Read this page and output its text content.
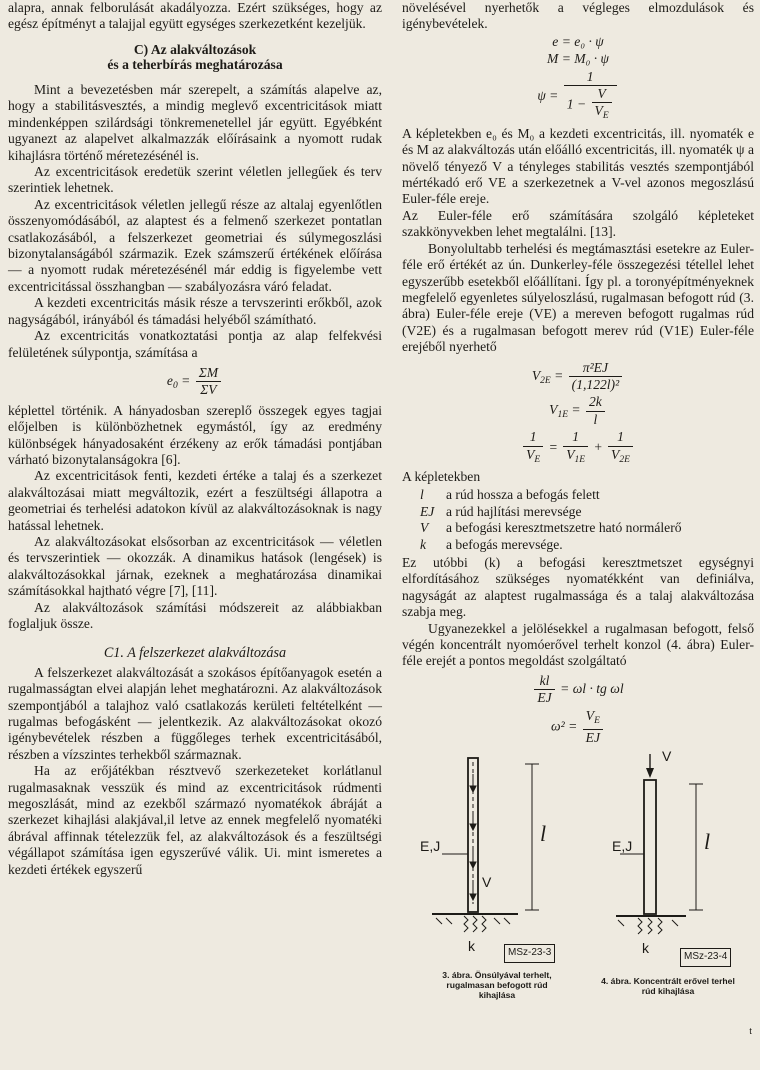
alapra, annak felborulását akadályozza. Ezért szükséges, hogy az egész építményt a talajjal együtt egységes szerkezetként kezeljük.

C) Az alakváltozások
és a teherbírás meghatározása

Mint a bevezetésben már szerepelt, a számítás alapelve az, hogy a stabilitásvesztés, a mindig meglevő excentricitások miatt mindenképpen szilárdsági tönkremenetellel jár együtt. Egyébként ugyanezt az alapelvet alkalmazzák előírásaink a nyomott rudak kihajlásra történő méretezésénél is.

Az excentricitások eredetük szerint véletlen jellegűek és terv szerintiek lehetnek.

Az excentricitások véletlen jellegű része az altalaj egyenlőtlen összenyomódásából, az alaptest és a felmenő szerkezet pontatlan csatlakozásából, a felszerkezet geometriai és súlymegoszlási bizonytalanságából származik. Ezek számszerű értékének előírása — a nyomott rudak méretezésénél már eddig is figyelembe vett excentricitással összhangban — szabályozásra váró feladat.

A kezdeti excentricitás másik része a tervszerinti erőkből, azok nagyságából, irányából és támadási helyéből számítható.

Az excentricitás vonatkoztatási pontja az alap felfekvési felületének súlypontja, számítása a

$e_0 = \frac{\Sigma M}{\Sigma V}$

képlettel történik. A hányadosban szereplő összegek egyes tagjai előjelben is különbözhetnek egymástól, így az eredmény különbségek hányadosaként érzékeny az erők támadási pontjában várható bizonytalanságokra [6].

Az excentricitások fenti, kezdeti értéke a talaj és a szerkezet alakváltozásai miatt megváltozik, ezért a feszültségi állapotra a geometriai és terhelési adatokon kívül az alakváltozásoknak is nagy hatással lehetnek.

Az alakváltozásokat elsősorban az excentricitások — véletlen és tervszerintiek — okozzák. A dinamikus hatások (lengések) is alakváltozásokkal járnak, ezeknek a meghatározása dinamikai számításokkal hajtható végre [7], [11].

Az alakváltozások számítási módszereit az alábbiakban foglaljuk össze.

C1. A felszerkezet alakváltozása

A felszerkezet alakváltozását a szokásos építőanyagok esetén a rugalmasságtan elvei alapján lehet meghatározni. Az alakváltozások szempontjából a talajhoz való csatlakozás kerületi feltételként — rugalmas befogásként — jelentkezik. Az alakváltozásokat okozó igénybevételek részben a függőleges terhek excentricitásából, részben a vízszintes terhekből származnak.

Ha az erőjátékban résztvevő szerkezeteket korlátlanul rugalmasaknak vesszük és mind az excentricitások rúdmenti megoszlását, mind az ezekből származó nyomatékok ábráját a szerkezet kihajlási alakjával,il letve az ennek megfelelő nyomatéki ábrával affinnak tételezzük fel, az alakváltozások és a feszültségi végállapot számítása igen egyszerűvé válik. Ui. mint ismeretes a kezdeti értékek egyszerű

növelésével nyerhetők a végleges elmozdulások és igénybevételek.

e = e₀ · ψ
M = M₀ · ψ
$\psi = \frac{1}{1 - \frac{V}{V_E}}$

A képletekben e₀ és M₀ a kezdeti excentricitás, ill. nyomaték e és M az alakváltozás után előálló excentricitás, ill. nyomaték ψ a növelő tényező V a tényleges stabilitás vesztés szempontjából mértékadó erő VE a szerkezetnek a V-vel azonos megoszlású Euler-féle ereje.

Az Euler-féle erő számítására szolgáló képleteket szakkönyvekben lehet megtalálni. [13].

Bonyolultabb terhelési és megtámasztási esetekre az Euler-féle erő értékét az ún. Dunkerley-féle összegezési tétellel lehet egyszerűbb esetekből előállítani. Így pl. a toronyépítményeknek megfelelő egyenletes súlyeloszlású, rugalmasan befogott rúd (3. ábra) Euler-féle ereje (VE) a mereven befogott rugalmas rúd (V2E) és a rugalmasan befogott merev rúd (V1E) Euler-féle erejéből nyerhető

$V_{2E} = \frac{\text{π²EJ}}{\text{(1,122l)²}}$
$V_{1E} = \frac{2k}{l}$
$\frac{1}{V_E} = \frac{1}{V_{1E}} + \frac{1}{V_{2E}}$

A képletekben

l	a rúd hossza a befogás felett
EJ a rúd hajlítási merevsége
V	a befogási keresztmetszetre ható normálerő
k	a befogás merevsége.

Ez utóbbi (k) a befogási keresztmetszet egységnyi elfordításához szükséges nyomatékként van definiálva, nagyságát az alaptest rugalmassága és a talaj alakváltozása szabja meg.

Ugyanezekkel a jelölésekkel a rugalmasan befogott, felső végén koncentrált nyomóerővel terhelt konzol (4. ábra) Euler-féle erejét a pontos megoldást szolgáltató

$\frac{kl}{EJ} = \omega l$ · tg ωl
$\omega^2 = \frac{V_E}{EJ}$
E,J	l
V
k	MSz-23-3
3. ábra. Önsúlyával terhelt,
rugalmasan befogott rúd
kihajlása
V
E,J	l
k
MSz-23-4
4. ábra. Koncentrált erővel terhel
rúd kihajlása
t
